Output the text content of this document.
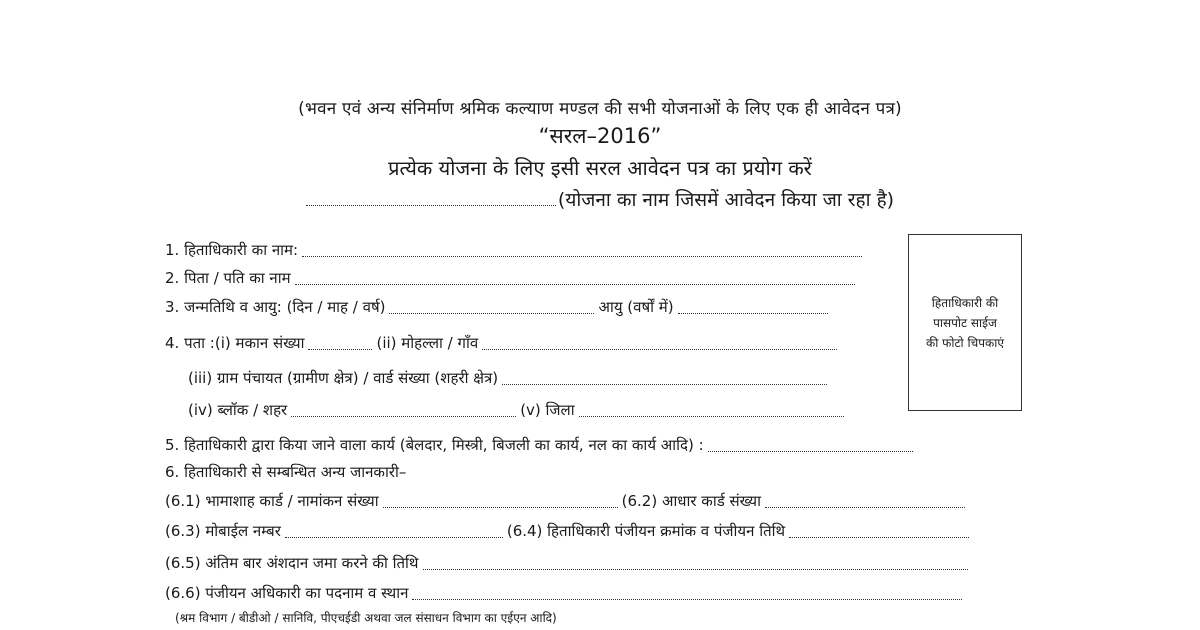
(भवन एवं अन्य संनिर्माण श्रमिक कल्याण मण्डल की सभी योजनाओं के लिए एक ही आवेदन पत्र)
“सरल–2016”
प्रत्येक योजना के लिए इसी सरल आवेदन पत्र का प्रयोग करें
(योजना का नाम जिसमें आवेदन किया जा रहा है)
हिताधिकारी की
पासपोट साईज
की फोटो चिपकाएं
1. हिताधिकारी का नाम:
2. पिता / पति का नाम
3. जन्मतिथि व आयु: (दिन / माह / वर्ष)	आयु (वर्षों में)
4. पता :(i) मकान संख्या	(ii) मोहल्ला / गाँव
(iii) ग्राम पंचायत (ग्रामीण क्षेत्र) / वार्ड संख्या (शहरी क्षेत्र)
(iv) ब्लॉक / शहर	(v) जिला
5. हिताधिकारी द्वारा किया जाने वाला कार्य (बेलदार, मिस्त्री, बिजली का कार्य, नल का कार्य आदि) :
6. हिताधिकारी से सम्बन्धित अन्य जानकारी–
(6.1) भामाशाह कार्ड / नामांकन संख्या	(6.2) आधार कार्ड संख्या
(6.3) मोबाईल नम्बर	(6.4) हिताधिकारी पंजीयन क्रमांक व पंजीयन तिथि
(6.5) अंतिम बार अंशदान जमा करने की तिथि
(6.6) पंजीयन अधिकारी का पदनाम व स्थान
(श्रम विभाग / बीडीओ / सानिवि, पीएचईडी अथवा जल संसाधन विभाग का एईएन आदि)
